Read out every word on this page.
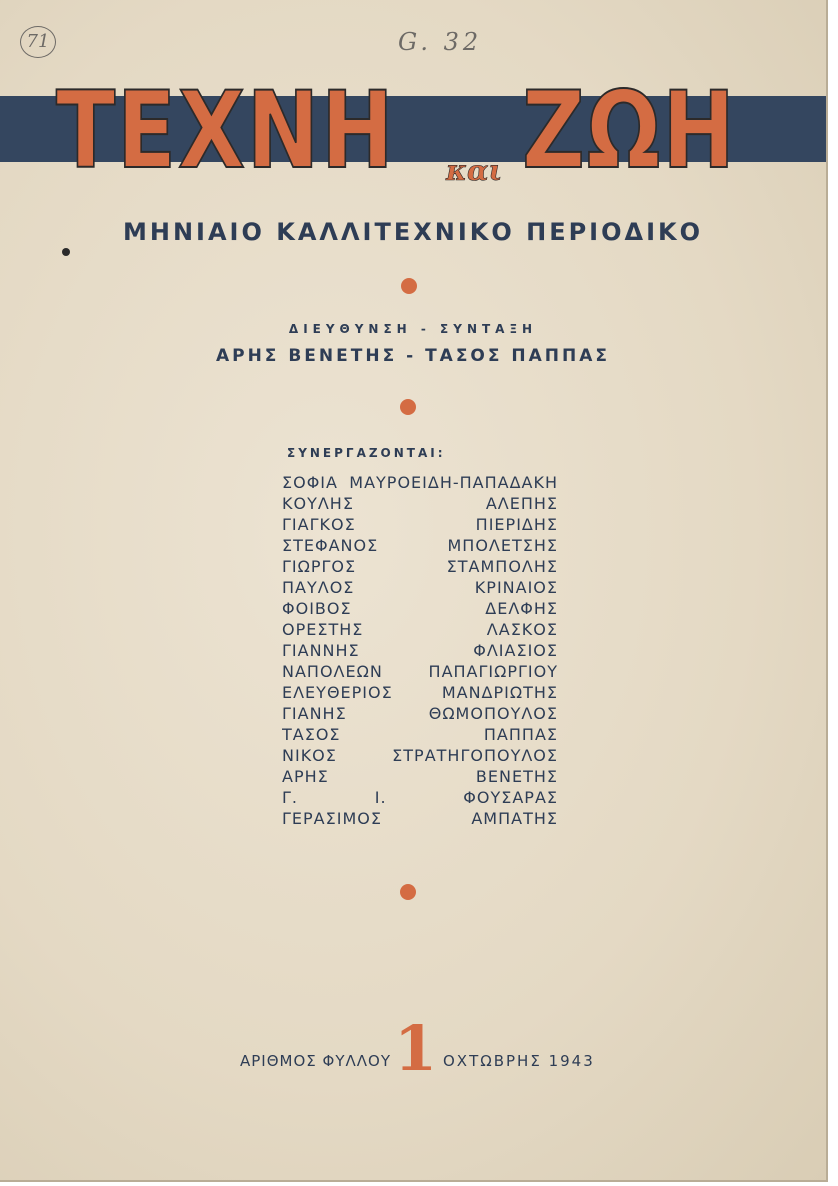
71	G. 32
ΤΕΧΝΗ και ΖΩΗ
ΜΗΝΙΑΙΟ ΚΑΛΛΙΤΕΧΝΙΚΟ ΠΕΡΙΟΔΙΚΟ
ΔΙΕΥΘΥΝΣΗ - ΣΥΝΤΑΞΗ
ΑΡΗΣ ΒΕΝΕΤΗΣ - ΤΑΣΟΣ ΠΑΠΠΑΣ
ΣΥΝΕΡΓΑΖΟΝΤΑΙ:
ΣΟΦΙΑ ΜΑΥΡΟΕΙΔΗ-ΠΑΠΑΔΑΚΗ
ΚΟΥΛΗΣ ΑΛΕΠΗΣ
ΓΙΑΓΚΟΣ ΠΙΕΡΙΔΗΣ
ΣΤΕΦΑΝΟΣ ΜΠΟΛΕΤΣΗΣ
ΓΙΩΡΓΟΣ ΣΤΑΜΠΟΛΗΣ
ΠΑΥΛΟΣ ΚΡΙΝΑΙΟΣ
ΦΟΙΒΟΣ ΔΕΛΦΗΣ
ΟΡΕΣΤΗΣ ΛΑΣΚΟΣ
ΓΙΑΝΝΗΣ ΦΛΙΑΣΙΟΣ
ΝΑΠΟΛΕΩΝ ΠΑΠΑΓΙΩΡΓΙΟΥ
ΕΛΕΥΘΕΡΙΟΣ ΜΑΝΔΡΙΩΤΗΣ
ΓΙΑΝΗΣ ΘΩΜΟΠΟΥΛΟΣ
ΤΑΣΟΣ ΠΑΠΠΑΣ
ΝΙΚΟΣ ΣΤΡΑΤΗΓΟΠΟΥΛΟΣ
ΑΡΗΣ ΒΕΝΕΤΗΣ
Γ. Ι. ΦΟΥΣΑΡΑΣ
ΓΕΡΑΣΙΜΟΣ ΑΜΠΑΤΗΣ
ΑΡΙΘΜΟΣ ΦΥΛΛΟΥ 1 ΟΧΤΩΒΡΗΣ 1943
